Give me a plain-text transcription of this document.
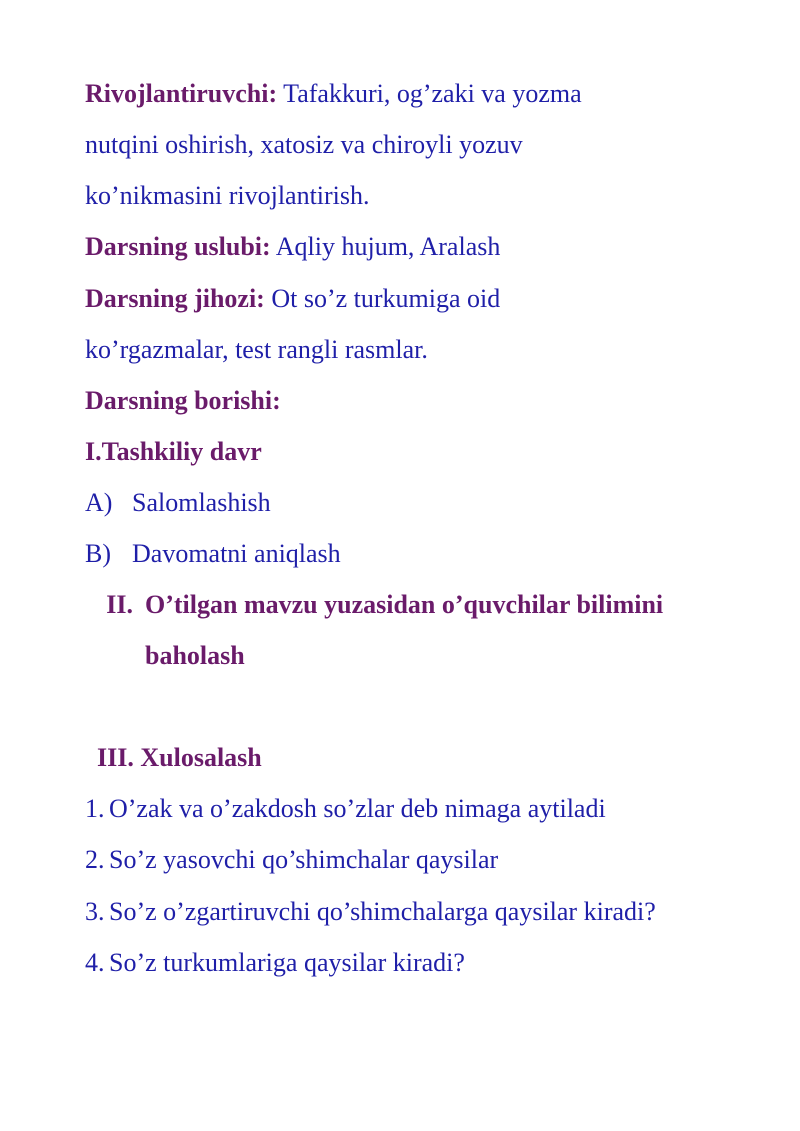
Rivojlantiruvchi: Tafakkuri, og’zaki va yozma
nutqini oshirish, xatosiz va chiroyli yozuv
ko’nikmasini rivojlantirish.
Darsning uslubi: Aqliy hujum, Aralash
Darsning jihozi: Ot so’z turkumiga oid
ko’rgazmalar, test rangli rasmlar.
Darsning borishi:
I.Tashkiliy davr
A) Salomlashish
B) Davomatni aniqlash
II. O’tilgan mavzu yuzasidan o’quvchilar bilimini
baholash
III. Xulosalash
1. O’zak va o’zakdosh so’zlar deb nimaga aytiladi
2. So’z yasovchi qo’shimchalar qaysilar
3. So’z o’zgartiruvchi qo’shimchalarga qaysilar kiradi?
4. So’z turkumlariga qaysilar kiradi?
